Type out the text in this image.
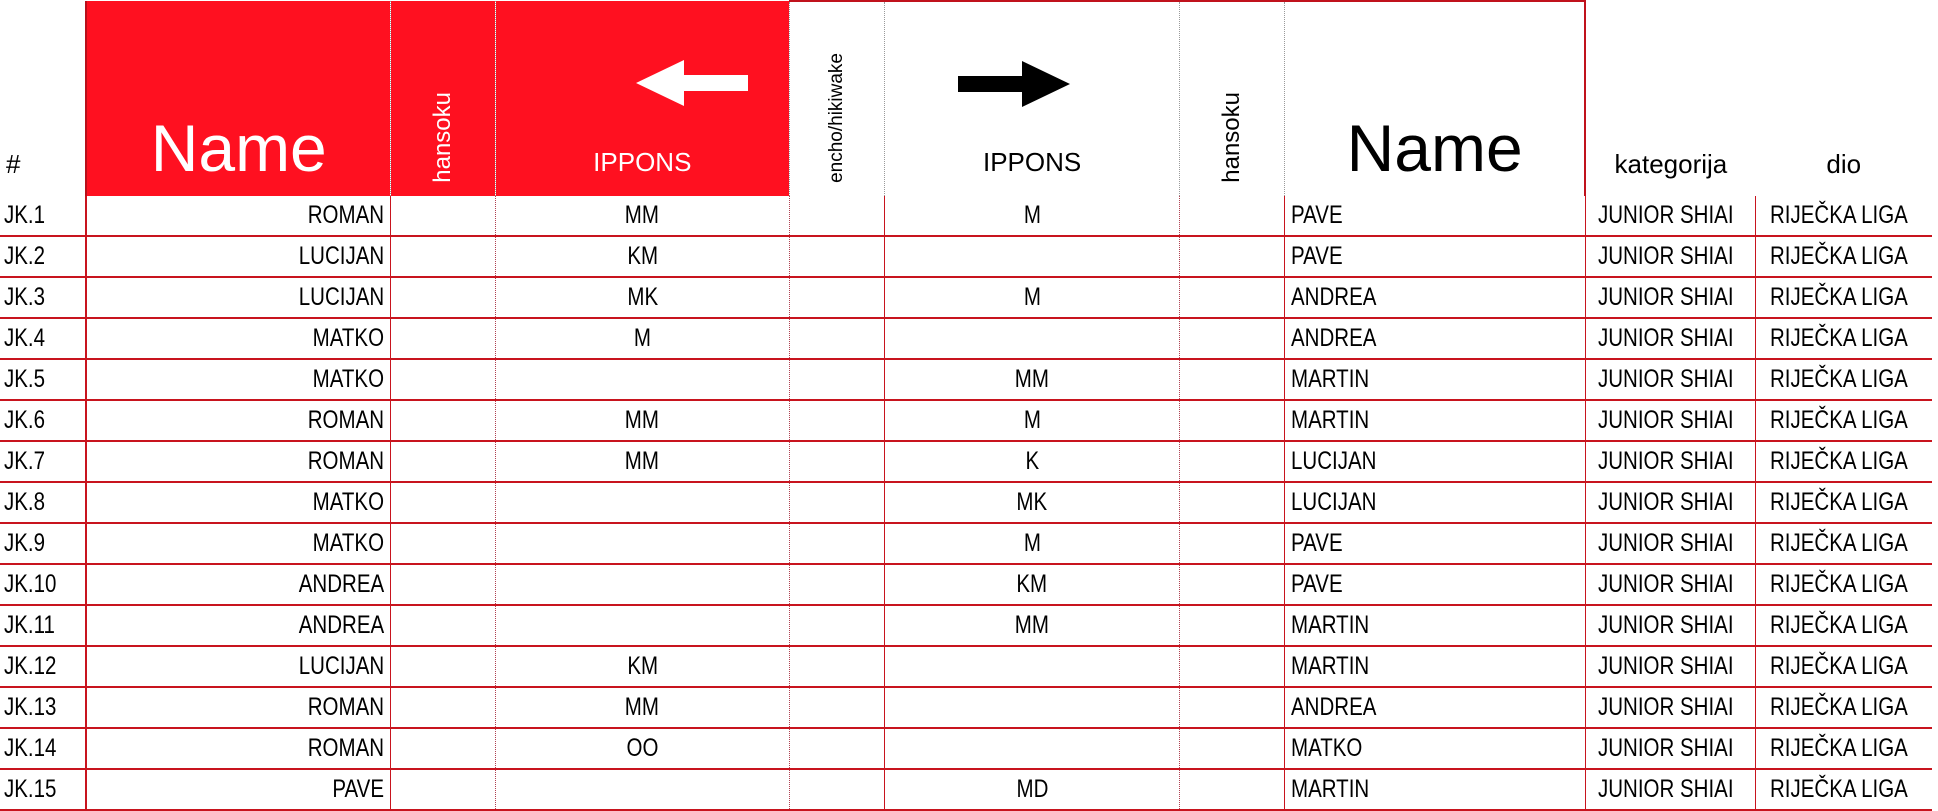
#	Name	hansoku	IPPONS	encho/hikiwake	IPPONS	hansoku	Name	kategorija	dio
JK.1	ROMAN		MM		M		PAVE	JUNIOR SHIAI	RIJEČKA LIGA
JK.2	LUCIJAN		KM				PAVE	JUNIOR SHIAI	RIJEČKA LIGA
JK.3	LUCIJAN		MK		M		ANDREA	JUNIOR SHIAI	RIJEČKA LIGA
JK.4	MATKO		M				ANDREA	JUNIOR SHIAI	RIJEČKA LIGA
JK.5	MATKO				MM		MARTIN	JUNIOR SHIAI	RIJEČKA LIGA
JK.6	ROMAN		MM		M		MARTIN	JUNIOR SHIAI	RIJEČKA LIGA
JK.7	ROMAN		MM		K		LUCIJAN	JUNIOR SHIAI	RIJEČKA LIGA
JK.8	MATKO				MK		LUCIJAN	JUNIOR SHIAI	RIJEČKA LIGA
JK.9	MATKO				M		PAVE	JUNIOR SHIAI	RIJEČKA LIGA
JK.10	ANDREA				KM		PAVE	JUNIOR SHIAI	RIJEČKA LIGA
JK.11	ANDREA				MM		MARTIN	JUNIOR SHIAI	RIJEČKA LIGA
JK.12	LUCIJAN		KM				MARTIN	JUNIOR SHIAI	RIJEČKA LIGA
JK.13	ROMAN		MM				ANDREA	JUNIOR SHIAI	RIJEČKA LIGA
JK.14	ROMAN		OO				MATKO	JUNIOR SHIAI	RIJEČKA LIGA
JK.15	PAVE				MD		MARTIN	JUNIOR SHIAI	RIJEČKA LIGA
